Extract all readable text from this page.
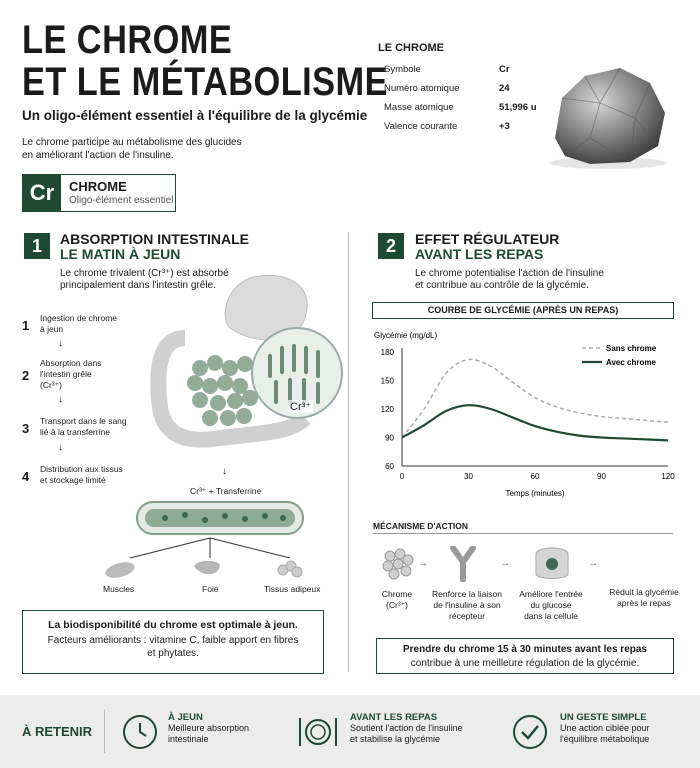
LE CHROME
ET LE MÉTABOLISME
Un oligo-élément essentiel à l'équilibre de la glycémie
Le chrome participe au métabolisme des glucides
en améliorant l'action de l'insuline.
Cr	CHROME
Oligo-élément essentiel
LE CHROME
Symbole	Cr
Numéro atomique	24
Masse atomique	51,996 u
Valence courante	+3
1	ABSORPTION INTESTINALE
LE MATIN À JEUN
Le chrome trivalent (Cr³⁺) est absorbé
principalement dans l'intestin grêle.
Cr³⁺
1 Ingestion de chrome
à jeun
↓
2
Absorption dans
l'intestin grêle
(Cr³⁺)
↓
3 Transport dans le sang
lié à la transferrine
↓
4 Distribution aux tissus
et stockage limité
↓
Cr³⁺ + Transferrine
Muscles	Foie	Tissus adipeux
La biodisponibilité du chrome est optimale à jeun.
Facteurs améliorants : vitamine C, faible apport en fibres
et phytates.
2	EFFET RÉGULATEUR
AVANT LES REPAS
Le chrome potentialise l'action de l'insuline
et contribue au contrôle de la glycémie.
COURBE DE GLYCÉMIE (APRÈS UN REPAS)
Glycémie (mg/dL)
60
90
120
150
180
0	30	60	90	120
Temps (minutes)
Sans chrome
Avec chrome
MÉCANISME D'ACTION
→	→	→
Chrome (Cr³⁺)
Renforce la liaison
de l'insuline à son
récepteur
Améliore l'entrée
du glucose
dans la cellule
Réduit la glycémie
après le repas
Prendre du chrome 15 à 30 minutes avant les repas
contribue à une meilleure régulation de la glycémie.
À RETENIR
À JEUN
Meilleure absorption
intestinale
AVANT LES REPAS
Soutient l'action de l'insuline
et stabilise la glycémie
UN GESTE SIMPLE
Une action ciblée pour
l'équilibre métabolique
